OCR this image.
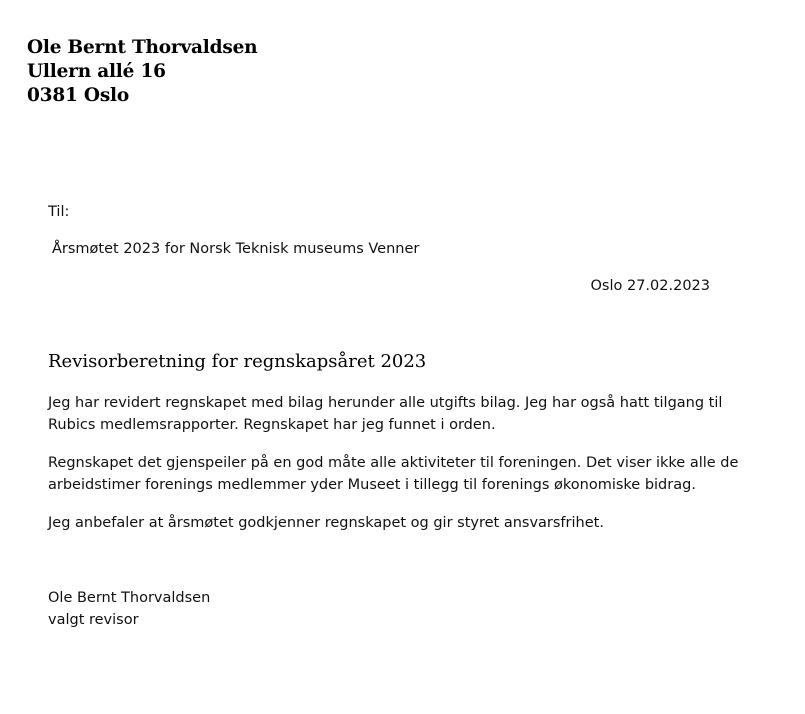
Ole Bernt Thorvaldsen
Ullern allé 16
0381 Oslo
Til:
Årsmøtet 2023 for Norsk Teknisk museums Venner
Oslo 27.02.2023
Revisorberetning for regnskapsåret 2023

Jeg har revidert regnskapet med bilag herunder alle utgifts bilag. Jeg har også hatt tilgang til Rubics medlemsrapporter. Regnskapet har jeg funnet i orden.

Regnskapet det gjenspeiler på en god måte alle aktiviteter til foreningen. Det viser ikke alle de arbeidstimer forenings medlemmer yder Museet i tillegg til forenings økonomiske bidrag.

Jeg anbefaler at årsmøtet godkjenner regnskapet og gir styret ansvarsfrihet.

Ole Bernt Thorvaldsen
valgt revisor
